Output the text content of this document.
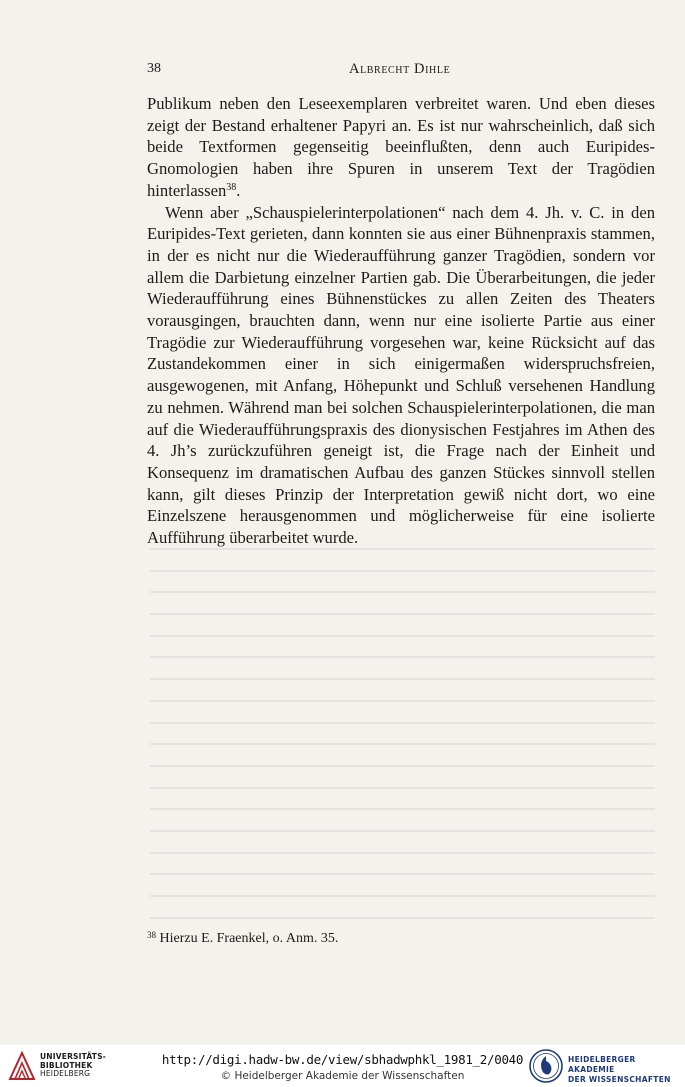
38	Albrecht Dihle

Publikum neben den Leseexemplaren verbreitet waren. Und eben dieses zeigt der Bestand erhaltener Papyri an. Es ist nur wahrscheinlich, daß sich beide Textformen gegenseitig beeinflußten, denn auch Euripides-Gnomologien haben ihre Spuren in unserem Text der Tragödien hinterlassen$^{38}$.

Wenn aber „Schauspielerinterpolationen“ nach dem 4. Jh. v. C. in den Euripides-Text gerieten, dann konnten sie aus einer Bühnenpraxis stammen, in der es nicht nur die Wiederaufführung ganzer Tragödien, sondern vor allem die Darbietung einzelner Partien gab. Die Überarbeitungen, die jeder Wiederaufführung eines Bühnenstückes zu allen Zeiten des Theaters vorausgingen, brauchten dann, wenn nur eine isolierte Partie aus einer Tragödie zur Wiederaufführung vorgesehen war, keine Rücksicht auf das Zustandekommen einer in sich einigermaßen widerspruchsfreien, ausgewogenen, mit Anfang, Höhepunkt und Schluß versehenen Handlung zu nehmen. Während man bei solchen Schauspielerinterpolationen, die man auf die Wiederaufführungspraxis des dionysischen Festjahres im Athen des 4. Jh’s zurückzuführen geneigt ist, die Frage nach der Einheit und Konsequenz im dramatischen Aufbau des ganzen Stückes sinnvoll stellen kann, gilt dieses Prinzip der Interpretation gewiß nicht dort, wo eine Einzelszene herausgenommen und möglicherweise für eine isolierte Aufführung überarbeitet wurde.

$^{38}$ Hierzu E. Fraenkel, o. Anm. 35.
UNIVERSITÄTS-
BIBLIOTHEK
HEIDELBERG
http://digi.hadw-bw.de/view/sbhadwphkl_1981_2/0040
© Heidelberger Akademie der Wissenschaften
HEIDELBERGER AKADEMIE
DER WISSENSCHAFTEN
